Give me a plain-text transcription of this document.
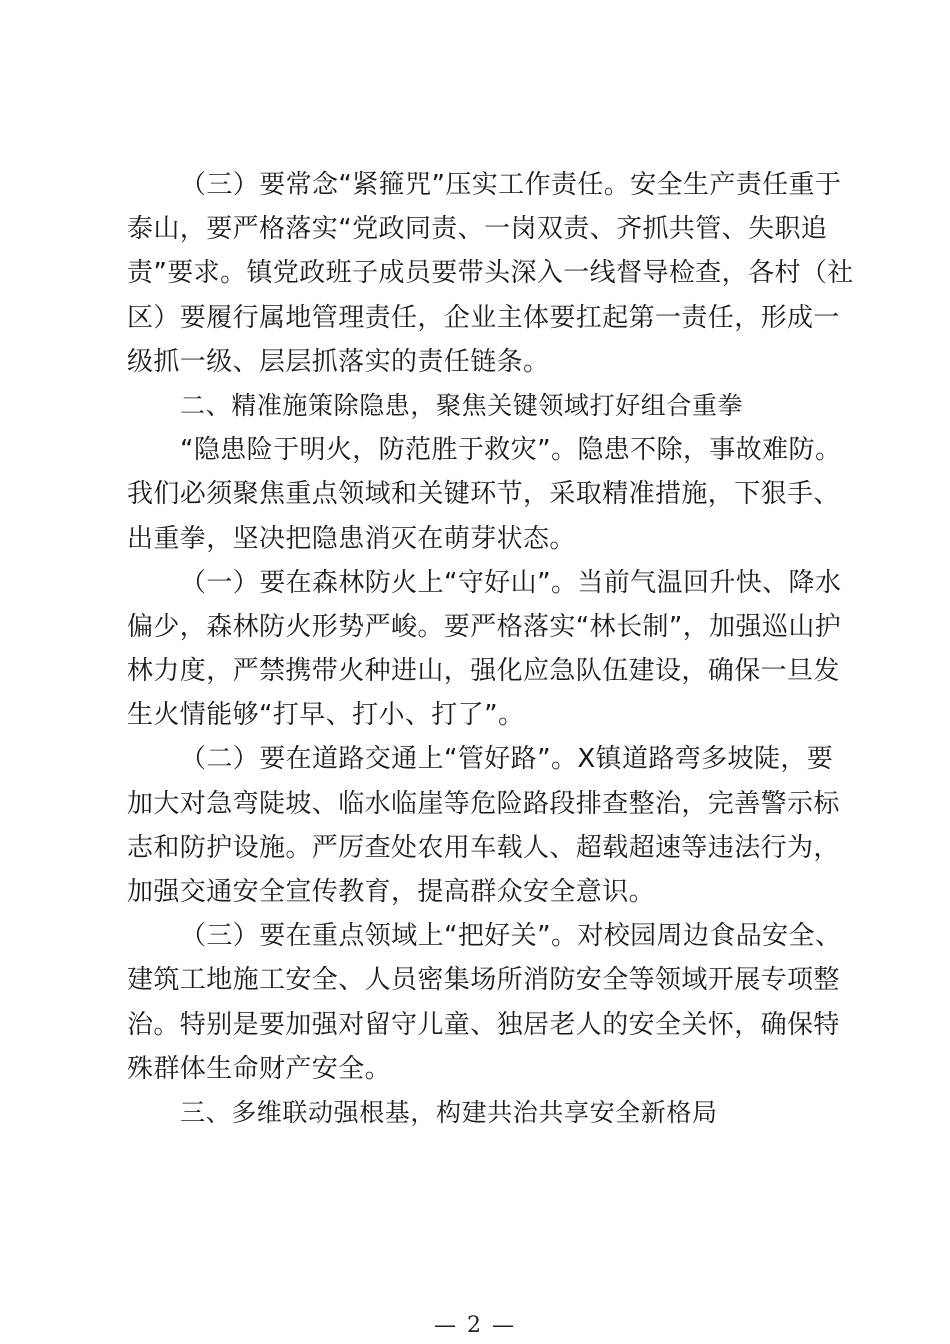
（三）要常念“紧箍咒”压实工作责任。安全生产责任重于
泰山，要严格落实“党政同责、一岗双责、齐抓共管、失职追
责”要求。镇党政班子成员要带头深入一线督导检查，各村（社
区）要履行属地管理责任，企业主体要扛起第一责任，形成一
级抓一级、层层抓落实的责任链条。
二、精准施策除隐患，聚焦关键领域打好组合重拳
“隐患险于明火，防范胜于救灾”。隐患不除，事故难防。
我们必须聚焦重点领域和关键环节，采取精准措施，下狠手、
出重拳，坚决把隐患消灭在萌芽状态。
（一）要在森林防火上“守好山”。当前气温回升快、降水
偏少，森林防火形势严峻。要严格落实“林长制”，加强巡山护
林力度，严禁携带火种进山，强化应急队伍建设，确保一旦发
生火情能够“打早、打小、打了”。
（二）要在道路交通上“管好路”。X镇道路弯多坡陡，要
加大对急弯陡坡、临水临崖等危险路段排查整治，完善警示标
志和防护设施。严厉查处农用车载人、超载超速等违法行为，
加强交通安全宣传教育，提高群众安全意识。
（三）要在重点领域上“把好关”。对校园周边食品安全、
建筑工地施工安全、人员密集场所消防安全等领域开展专项整
治。特别是要加强对留守儿童、独居老人的安全关怀，确保特
殊群体生命财产安全。
三、多维联动强根基，构建共治共享安全新格局
— 2 —
